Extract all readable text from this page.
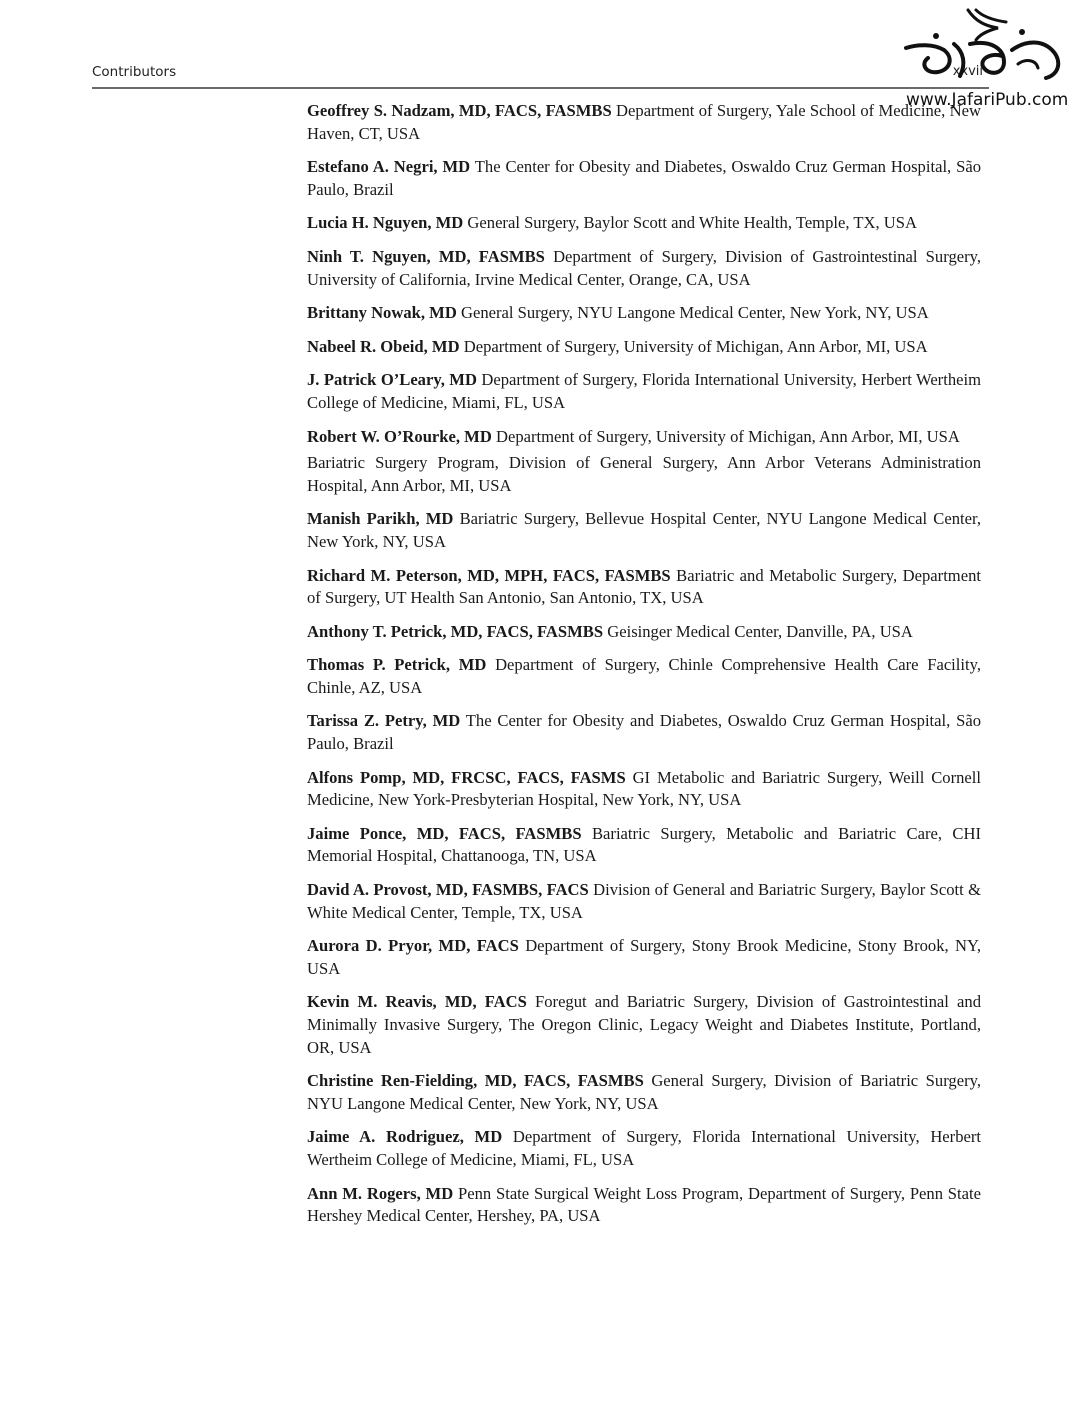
Contributors	xxvii
www.JafariPub.com

Geoffrey S. Nadzam, MD, FACS, FASMBS Department of Surgery, Yale School of Medicine, New Haven, CT, USA

Estefano A. Negri, MD The Center for Obesity and Diabetes, Oswaldo Cruz German Hospital, São Paulo, Brazil

Lucia H. Nguyen, MD General Surgery, Baylor Scott and White Health, Temple, TX, USA

Ninh T. Nguyen, MD, FASMBS Department of Surgery, Division of Gastrointestinal Surgery, University of California, Irvine Medical Center, Orange, CA, USA

Brittany Nowak, MD General Surgery, NYU Langone Medical Center, New York, NY, USA

Nabeel R. Obeid, MD Department of Surgery, University of Michigan, Ann Arbor, MI, USA

J. Patrick O’Leary, MD Department of Surgery, Florida International University, Herbert Wertheim College of Medicine, Miami, FL, USA

Robert W. O’Rourke, MD Department of Surgery, University of Michigan, Ann Arbor, MI, USA

Bariatric Surgery Program, Division of General Surgery, Ann Arbor Veterans Administration Hospital, Ann Arbor, MI, USA

Manish Parikh, MD Bariatric Surgery, Bellevue Hospital Center, NYU Langone Medical Center, New York, NY, USA

Richard M. Peterson, MD, MPH, FACS, FASMBS Bariatric and Metabolic Surgery, Department of Surgery, UT Health San Antonio, San Antonio, TX, USA

Anthony T. Petrick, MD, FACS, FASMBS Geisinger Medical Center, Danville, PA, USA

Thomas P. Petrick, MD Department of Surgery, Chinle Comprehensive Health Care Facility, Chinle, AZ, USA

Tarissa Z. Petry, MD The Center for Obesity and Diabetes, Oswaldo Cruz German Hospital, São Paulo, Brazil

Alfons Pomp, MD, FRCSC, FACS, FASMS GI Metabolic and Bariatric Surgery, Weill Cornell Medicine, New York-Presbyterian Hospital, New York, NY, USA

Jaime Ponce, MD, FACS, FASMBS Bariatric Surgery, Metabolic and Bariatric Care, CHI Memorial Hospital, Chattanooga, TN, USA

David A. Provost, MD, FASMBS, FACS Division of General and Bariatric Surgery, Baylor Scott & White Medical Center, Temple, TX, USA

Aurora D. Pryor, MD, FACS Department of Surgery, Stony Brook Medicine, Stony Brook, NY, USA

Kevin M. Reavis, MD, FACS Foregut and Bariatric Surgery, Division of Gastrointestinal and Minimally Invasive Surgery, The Oregon Clinic, Legacy Weight and Diabetes Institute, Portland, OR, USA

Christine Ren-Fielding, MD, FACS, FASMBS General Surgery, Division of Bariatric Surgery, NYU Langone Medical Center, New York, NY, USA

Jaime A. Rodriguez, MD Department of Surgery, Florida International University, Herbert Wertheim College of Medicine, Miami, FL, USA

Ann M. Rogers, MD Penn State Surgical Weight Loss Program, Department of Surgery, Penn State Hershey Medical Center, Hershey, PA, USA
